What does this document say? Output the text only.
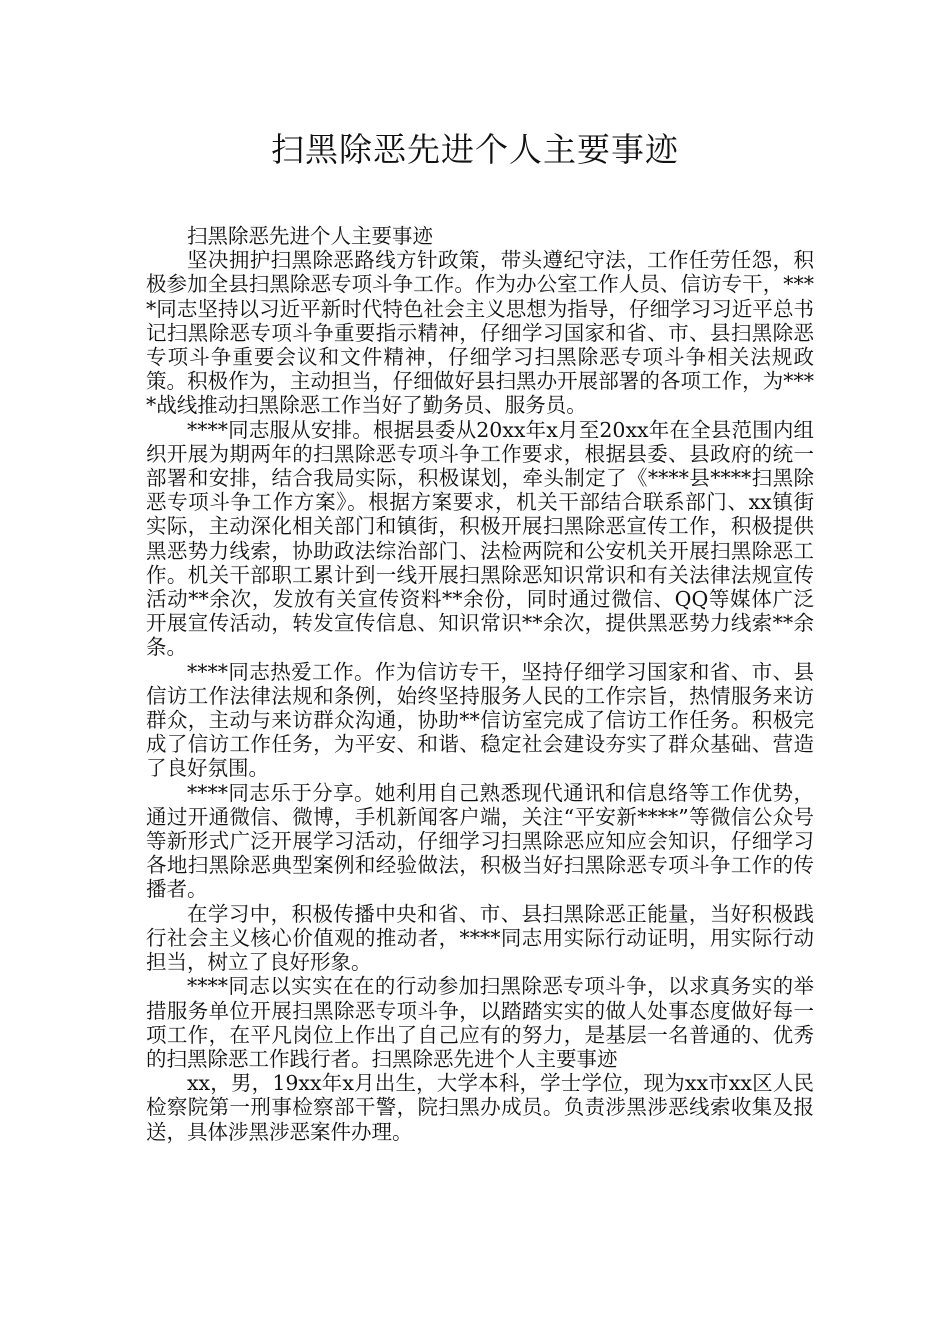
扫黑除恶先进个人主要事迹

扫黑除恶先进个人主要事迹

坚决拥护扫黑除恶路线方针政策，带头遵纪守法，工作任劳任怨，积极参加全县扫黑除恶专项斗争工作。作为办公室工作人员、信访专干，****同志坚持以习近平新时代特色社会主义思想为指导，仔细学习习近平总书记扫黑除恶专项斗争重要指示精神，仔细学习国家和省、市、县扫黑除恶专项斗争重要会议和文件精神，仔细学习扫黑除恶专项斗争相关法规政策。积极作为，主动担当，仔细做好县扫黑办开展部署的各项工作，为****战线推动扫黑除恶工作当好了勤务员、服务员。

****同志服从安排。根据县委从20xx年x月至20xx年在全县范围内组织开展为期两年的扫黑除恶专项斗争工作要求，根据县委、县政府的统一部署和安排，结合我局实际，积极谋划，牵头制定了《****县****扫黑除恶专项斗争工作方案》。根据方案要求，机关干部结合联系部门、xx镇街实际，主动深化相关部门和镇街，积极开展扫黑除恶宣传工作，积极提供黑恶势力线索，协助政法综治部门、法检两院和公安机关开展扫黑除恶工作。机关干部职工累计到一线开展扫黑除恶知识常识和有关法律法规宣传活动**余次，发放有关宣传资料**余份，同时通过微信、QQ等媒体广泛开展宣传活动，转发宣传信息、知识常识**余次，提供黑恶势力线索**余条。

****同志热爱工作。作为信访专干，坚持仔细学习国家和省、市、县信访工作法律法规和条例，始终坚持服务人民的工作宗旨，热情服务来访群众，主动与来访群众沟通，协助**信访室完成了信访工作任务。积极完成了信访工作任务，为平安、和谐、稳定社会建设夯实了群众基础、营造了良好氛围。

****同志乐于分享。她利用自己熟悉现代通讯和信息络等工作优势，通过开通微信、微博，手机新闻客户端，关注“平安新****”等微信公众号等新形式广泛开展学习活动，仔细学习扫黑除恶应知应会知识，仔细学习各地扫黑除恶典型案例和经验做法，积极当好扫黑除恶专项斗争工作的传播者。

在学习中，积极传播中央和省、市、县扫黑除恶正能量，当好积极践行社会主义核心价值观的推动者，****同志用实际行动证明，用实际行动担当，树立了良好形象。

****同志以实实在在的行动参加扫黑除恶专项斗争，以求真务实的举措服务单位开展扫黑除恶专项斗争，以踏踏实实的做人处事态度做好每一项工作，在平凡岗位上作出了自己应有的努力，是基层一名普通的、优秀的扫黑除恶工作践行者。扫黑除恶先进个人主要事迹

xx，男，19xx年x月出生，大学本科，学士学位，现为xx市xx区人民检察院第一刑事检察部干警，院扫黑办成员。负责涉黑涉恶线索收集及报送，具体涉黑涉恶案件办理。
